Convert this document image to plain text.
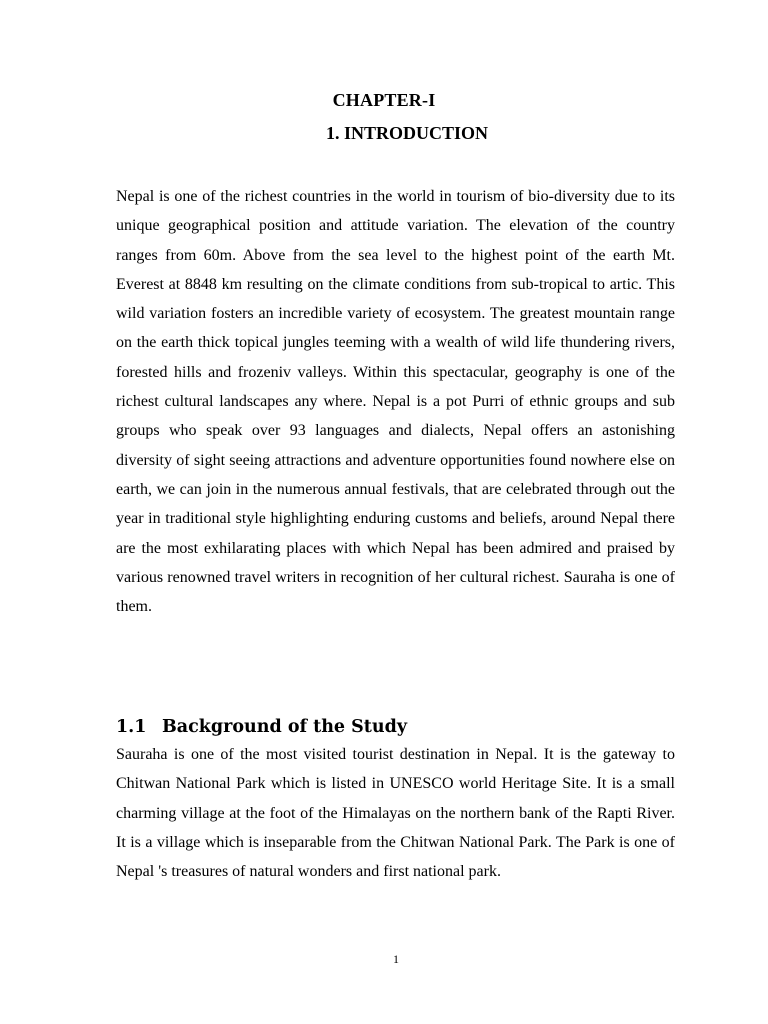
CHAPTER-I
1. INTRODUCTION

Nepal is one of the richest countries in the world in tourism of bio-diversity due to its unique geographical position and attitude variation. The elevation of the country ranges from 60m. Above from the sea level to the highest point of the earth Mt. Everest at 8848 km resulting on the climate conditions from sub-tropical to artic. This wild variation fosters an incredible variety of ecosystem. The greatest mountain range on the earth thick topical jungles teeming with a wealth of wild life thundering rivers, forested hills and frozeniv valleys. Within this spectacular, geography is one of the richest cultural landscapes any where. Nepal is a pot Purri of ethnic groups and sub groups who speak over 93 languages and dialects, Nepal offers an astonishing diversity of sight seeing attractions and adventure opportunities found nowhere else on earth, we can join in the numerous annual festivals, that are celebrated through out the year in traditional style highlighting enduring customs and beliefs, around Nepal there are the most exhilarating places with which Nepal has been admired and praised by various renowned travel writers in recognition of her cultural richest. Sauraha is one of them.

1.1 Background of the Study

Sauraha is one of the most visited tourist destination in Nepal. It is the gateway to Chitwan National Park which is listed in UNESCO world Heritage Site. It is a small charming village at the foot of the Himalayas on the northern bank of the Rapti River. It is a village which is inseparable from the Chitwan National Park. The Park is one of Nepal 's treasures of natural wonders and first national park.

1
